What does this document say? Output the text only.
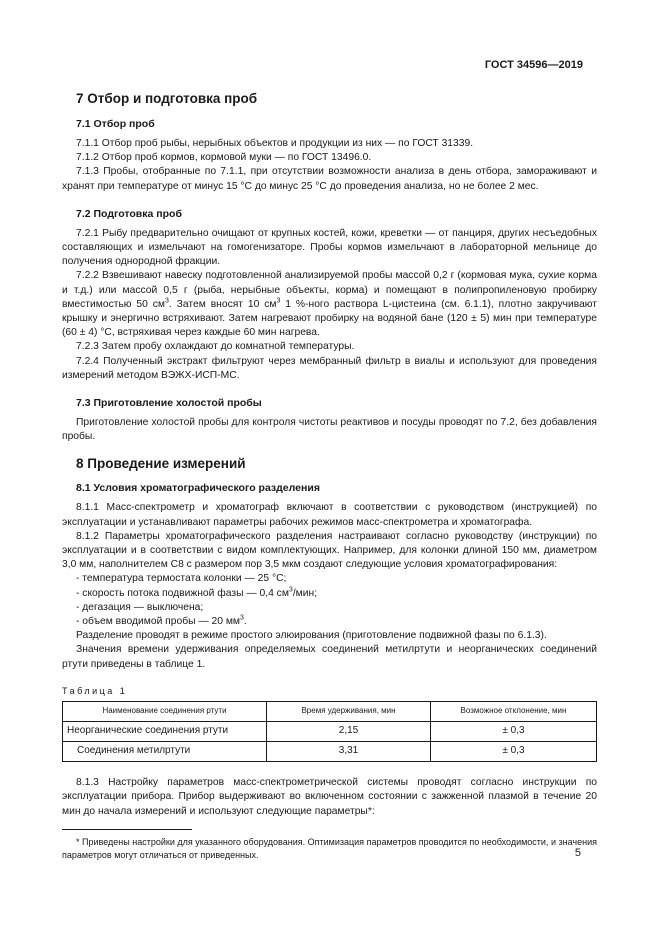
ГОСТ 34596—2019
7 Отбор и подготовка проб
7.1 Отбор проб

7.1.1 Отбор проб рыбы, нерыбных объектов и продукции из них — по ГОСТ 31339.

7.1.2 Отбор проб кормов, кормовой муки — по ГОСТ 13496.0.

7.1.3 Пробы, отобранные по 7.1.1, при отсутствии возможности анализа в день отбора, замораживают и хранят при температуре от минус 15 °С до минус 25 °С до проведения анализа, но не более 2 мес.

7.2 Подготовка проб

7.2.1 Рыбу предварительно очищают от крупных костей, кожи, креветки — от панциря, других несъедобных составляющих и измельчают на гомогенизаторе. Пробы кормов измельчают в лабораторной мельнице до получения однородной фракции.

7.2.2 Взвешивают навеску подготовленной анализируемой пробы массой 0,2 г (кормовая мука, сухие корма и т.д.) или массой 0,5 г (рыба, нерыбные объекты, корма) и помещают в полипропиленовую пробирку вместимостью 50 $см^3$. Затем вносят 10 $см^3$ 1 %-ного раствора L-цистеина (см. 6.1.1), плотно закручивают крышку и энергично встряхивают. Затем нагревают пробирку на водяной бане (120 ± 5) мин при температуре (60 ± 4) °С, встряхивая через каждые 60 мин нагрева.

7.2.3 Затем пробу охлаждают до комнатной температуры.

7.2.4 Полученный экстракт фильтруют через мембранный фильтр в виалы и используют для проведения измерений методом ВЭЖХ-ИСП-МС.

7.3 Приготовление холостой пробы

Приготовление холостой пробы для контроля чистоты реактивов и посуды проводят по 7.2, без добавления пробы.

8 Проведение измерений
8.1 Условия хроматографического разделения

8.1.1 Масс-спектрометр и хроматограф включают в соответствии с руководством (инструкцией) по эксплуатации и устанавливают параметры рабочих режимов масс-спектрометра и хроматографа.

8.1.2 Параметры хроматографического разделения настраивают согласно руководству (инструкции) по эксплуатации и в соответствии с видом комплектующих. Например, для колонки длиной 150 мм, диаметром 3,0 мм, наполнителем С8 с размером пор 3,5 мкм создают следующие условия хроматографирования:

- температура термостата колонки — 25 °С;

- скорость потока подвижной фазы — 0,4 $см^3$/мин;

- дегазация — выключена;

- объем вводимой пробы — 20 $мм^3$.

Разделение проводят в режиме простого элюирования (приготовление подвижной фазы по 6.1.3).

Значения времени удерживания определяемых соединений метилртути и неорганических соединений ртути приведены в таблице 1.

Таблица 1
Наименование соединения ртути	Время удерживания, мин	Возможное отклонение, мин
Неорганические соединения ртути	2,15	± 0,3
Соединения метилртути	3,31	± 0,3

8.1.3 Настройку параметров масс-спектрометрической системы проводят согласно инструкции по эксплуатации прибора. Прибор выдерживают во включенном состоянии с зажженной плазмой в течение 20 мин до начала измерений и используют следующие параметры*:

* Приведены настройки для указанного оборудования. Оптимизация параметров проводится по необходимости, и значения параметров могут отличаться от приведенных.	5
